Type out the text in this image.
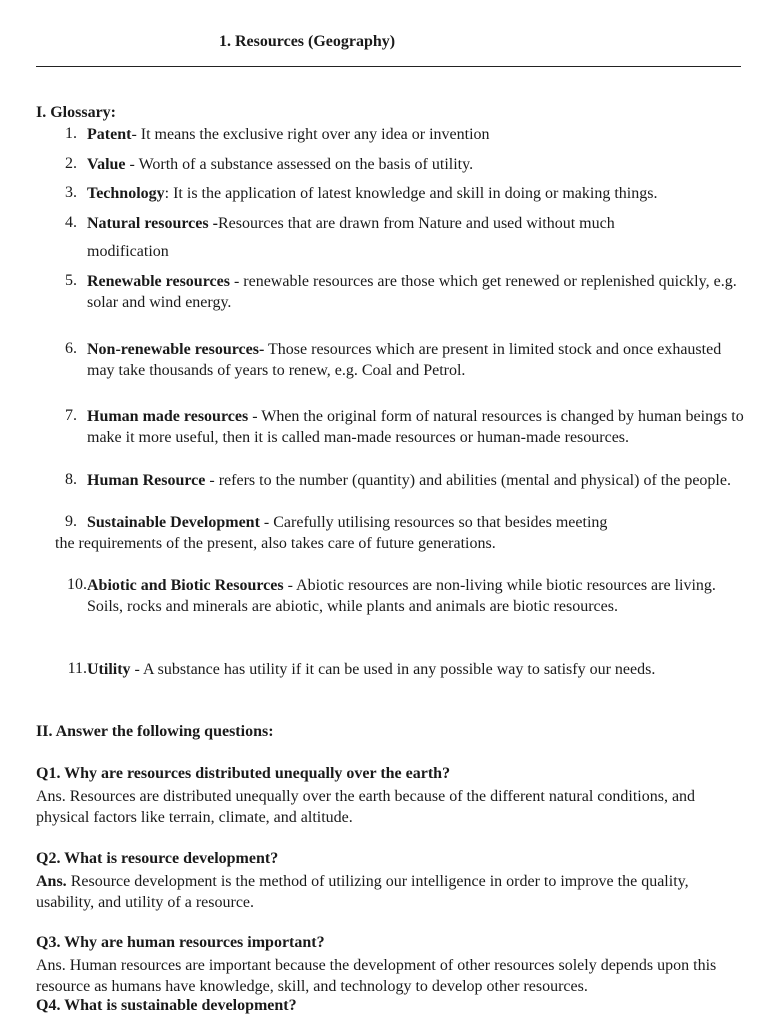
1. Resources (Geography)
I. Glossary:
1. Patent- It means the exclusive right over any idea or invention
2. Value - Worth of a substance assessed on the basis of utility.
3. Technology: It is the application of latest knowledge and skill in doing or making things.
4. Natural resources -Resources that are drawn from Nature and used without much
modification
5. Renewable resources - renewable resources are those which get renewed or replenished quickly, e.g. solar and wind energy.
6. Non-renewable resources- Those resources which are present in limited stock and once exhausted may take thousands of years to renew, e.g. Coal and Petrol.
7. Human made resources - When the original form of natural resources is changed by human beings to make it more useful, then it is called man-made resources or human-made resources.
8. Human Resource - refers to the number (quantity) and abilities (mental and physical) of the people.
9. Sustainable Development - Carefully utilising resources so that besides meeting
the requirements of the present, also takes care of future generations.
10. Abiotic and Biotic Resources - Abiotic resources are non-living while biotic resources are living. Soils, rocks and minerals are abiotic, while plants and animals are biotic resources.
11. Utility - A substance has utility if it can be used in any possible way to satisfy our needs.
II. Answer the following questions:
Q1. Why are resources distributed unequally over the earth?
Ans. Resources are distributed unequally over the earth because of the different natural conditions, and physical factors like terrain, climate, and altitude.
Q2. What is resource development?
Ans. Resource development is the method of utilizing our intelligence in order to improve the quality, usability, and utility of a resource.
Q3. Why are human resources important?
Ans. Human resources are important because the development of other resources solely depends upon this resource as humans have knowledge, skill, and technology to develop other resources.
Q4. What is sustainable development?
